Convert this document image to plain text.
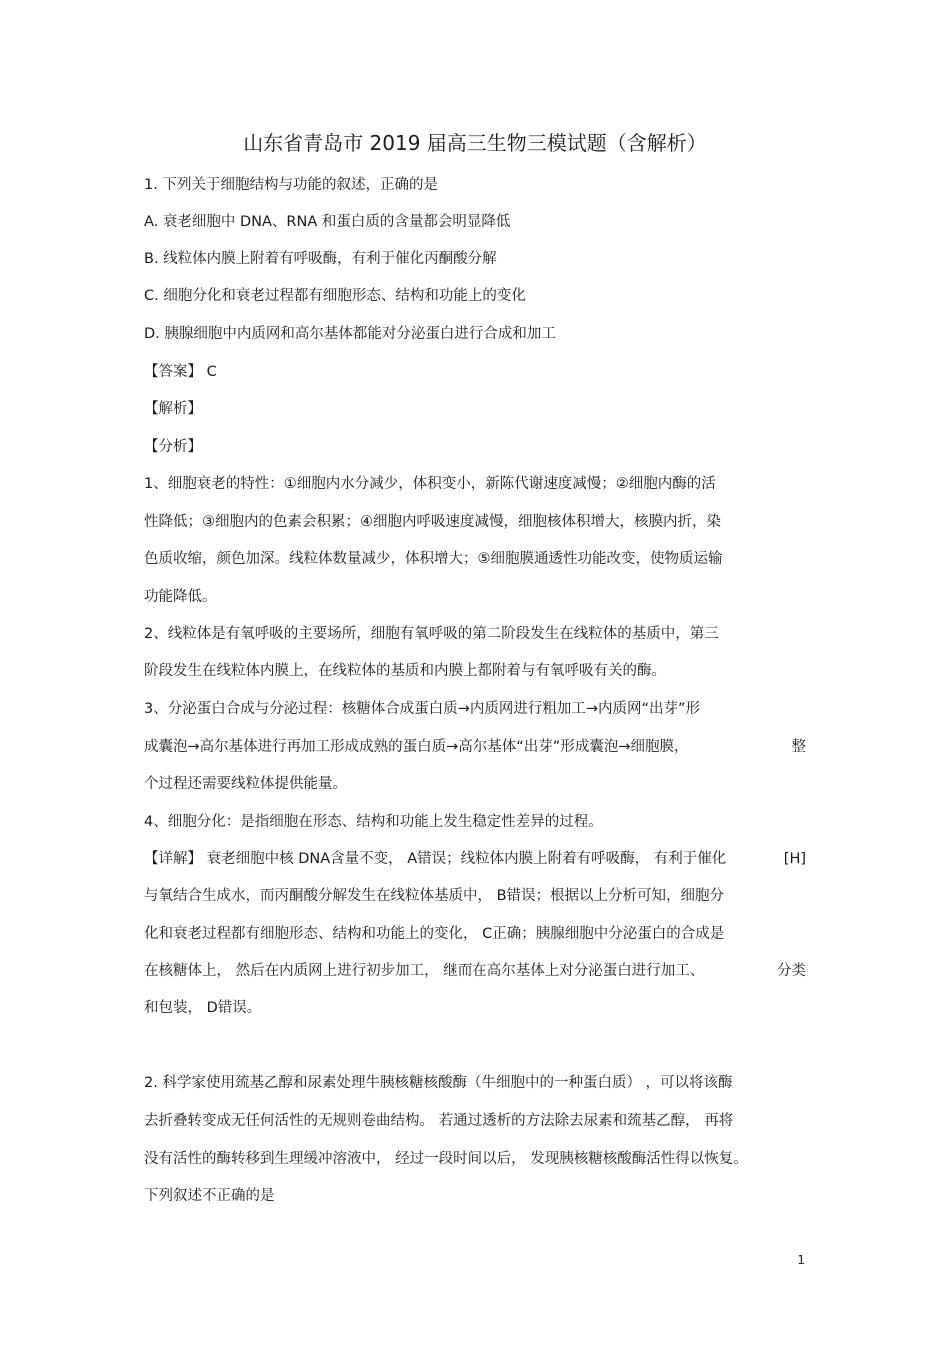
山东省青岛市 2019 届高三生物三模试题（含解析）
1. 下列关于细胞结构与功能的叙述，正确的是
A. 衰老细胞中 DNA、RNA 和蛋白质的含量都会明显降低
B. 线粒体内膜上附着有呼吸酶，有利于催化丙酮酸分解
C. 细胞分化和衰老过程都有细胞形态、结构和功能上的变化
D. 胰腺细胞中内质网和高尔基体都能对分泌蛋白进行合成和加工
【答案】 C
【解析】
【分析】
1、细胞衰老的特性：①细胞内水分减少，体积变小，新陈代谢速度减慢；②细胞内酶的活
性降低；③细胞内的色素会积累；④细胞内呼吸速度减慢，细胞核体积增大，核膜内折，染
色质收缩，颜色加深。线粒体数量减少，体积增大；⑤细胞膜通透性功能改变，使物质运输
功能降低。
2、线粒体是有氧呼吸的主要场所，细胞有氧呼吸的第二阶段发生在线粒体的基质中，第三
阶段发生在线粒体内膜上，在线粒体的基质和内膜上都附着与有氧呼吸有关的酶。
3、分泌蛋白合成与分泌过程：核糖体合成蛋白质→内质网进行粗加工→内质网“出芽”形
成囊泡→高尔基体进行再加工形成成熟的蛋白质→高尔基体“出芽”形成囊泡→细胞膜，	整
个过程还需要线粒体提供能量。
4、细胞分化：是指细胞在形态、结构和功能上发生稳定性差异的过程。
【详解】 衰老细胞中核 DNA含量不变， A错误；线粒体内膜上附着有呼吸酶， 有利于催化	[H]
与氧结合生成水，而丙酮酸分解发生在线粒体基质中， B错误；根据以上分析可知，细胞分
化和衰老过程都有细胞形态、结构和功能上的变化， C正确；胰腺细胞中分泌蛋白的合成是
在核糖体上， 然后在内质网上进行初步加工， 继而在高尔基体上对分泌蛋白进行加工、	分类
和包装， D错误。
2. 科学家使用巯基乙醇和尿素处理牛胰核糖核酸酶（牛细胞中的一种蛋白质） ，可以将该酶
去折叠转变成无任何活性的无规则卷曲结构。 若通过透析的方法除去尿素和巯基乙醇， 再将
没有活性的酶转移到生理缓冲溶液中， 经过一段时间以后， 发现胰核糖核酸酶活性得以恢复。
下列叙述不正确的是
1
